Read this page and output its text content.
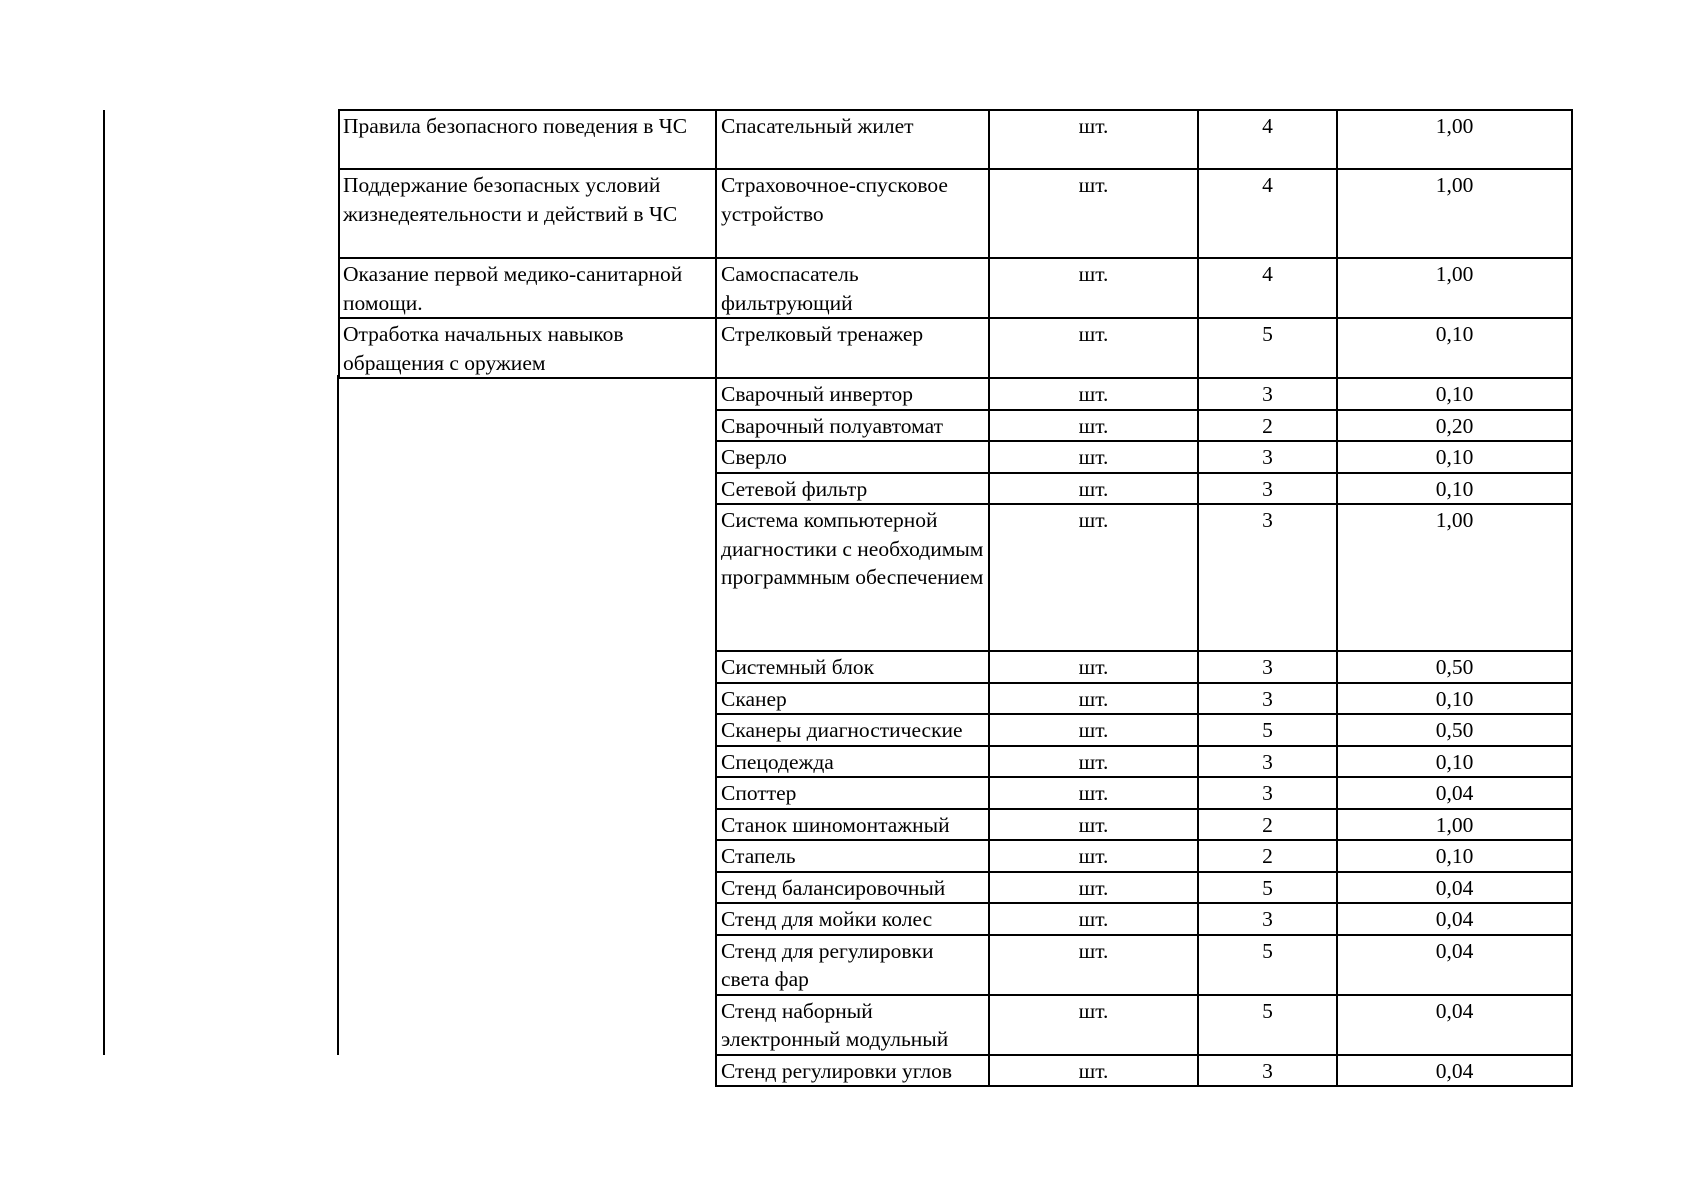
Правила безопасного поведения в ЧС	Спасательный жилет	шт.	4	1,00
Поддержание безопасных условий жизнедеятельности и действий в ЧС	Страховочное-спусковое устройство	шт.	4	1,00
Оказание первой медико-санитарной помощи.	Самоспасатель фильтрующий	шт.	4	1,00
Отработка начальных навыков обращения с оружием	Стрелковый тренажер	шт.	5	0,10
	Сварочный инвертор	шт.	3	0,10
	Сварочный полуавтомат	шт.	2	0,20
	Сверло	шт.	3	0,10
	Сетевой фильтр	шт.	3	0,10
	Система компьютерной диагностики с необходимым программным обеспечением	шт.	3	1,00
	Системный блок	шт.	3	0,50
	Сканер	шт.	3	0,10
	Сканеры диагностические	шт.	5	0,50
	Спецодежда	шт.	3	0,10
	Споттер	шт.	3	0,04
	Станок шиномонтажный	шт.	2	1,00
	Стапель	шт.	2	0,10
	Стенд балансировочный	шт.	5	0,04
	Стенд для мойки колес	шт.	3	0,04
	Стенд для регулировки света фар	шт.	5	0,04
	Стенд наборный электронный модульный	шт.	5	0,04
	Стенд регулировки углов	шт.	3	0,04
